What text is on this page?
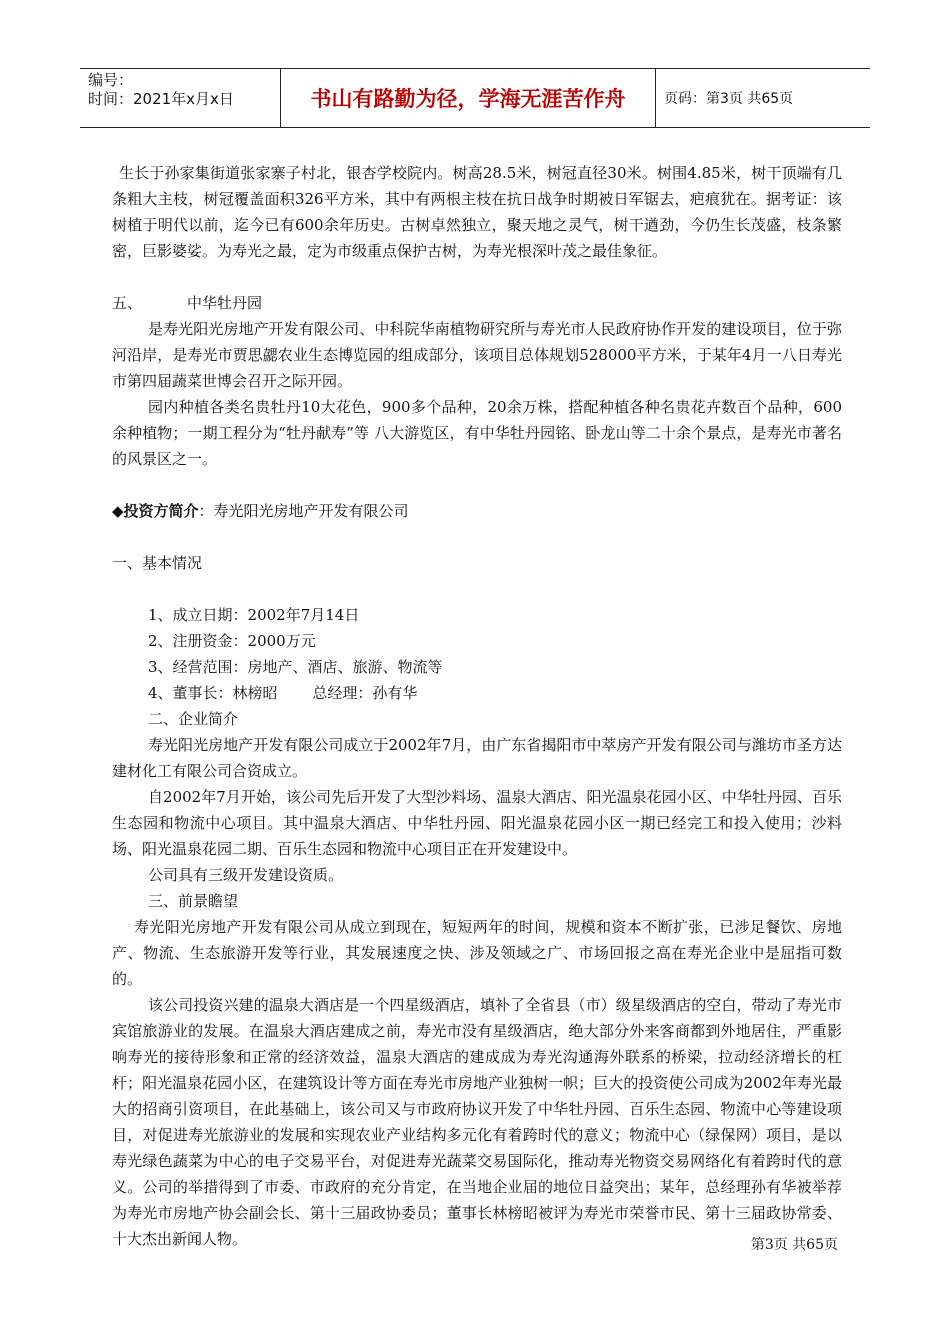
编号：
时间：2021年x月x日	书山有路勤为径，学海无涯苦作舟	页码：第3页 共65页

生长于孙家集街道张家寨子村北，银杏学校院内。树高28.5米，树冠直径30米。树围4.85米，树干顶端有几条粗大主枝，树冠覆盖面积326平方米，其中有两根主枝在抗日战争时期被日军锯去，疤痕犹在。据考证：该树植于明代以前，迄今已有600余年历史。古树卓然独立，聚天地之灵气，树干遒劲，今仍生长茂盛，枝条繁密，巨影婆娑。为寿光之最，定为市级重点保护古树，为寿光根深叶茂之最佳象征。

五、	中华牡丹园

是寿光阳光房地产开发有限公司、中科院华南植物研究所与寿光市人民政府协作开发的建设项目，位于弥河沿岸，是寿光市贾思勰农业生态博览园的组成部分，该项目总体规划528000平方米，于某年4月一八日寿光市第四届蔬菜世博会召开之际开园。

园内种植各类名贵牡丹10大花色，900多个品种，20余万株，搭配种植各种名贵花卉数百个品种，600余种植物；一期工程分为“牡丹献寿”等 八大游览区，有中华牡丹园铭、卧龙山等二十余个景点，是寿光市著名的风景区之一。

◆投资方简介：寿光阳光房地产开发有限公司

一、基本情况

1、成立日期：2002年7月14日

2、注册资金：2000万元

3、经营范围：房地产、酒店、旅游、物流等

4、董事长：林榜昭　　 总经理：孙有华

二、企业简介

寿光阳光房地产开发有限公司成立于2002年7月，由广东省揭阳市中萃房产开发有限公司与潍坊市圣方达建材化工有限公司合资成立。

自2002年7月开始，该公司先后开发了大型沙料场、温泉大酒店、阳光温泉花园小区、中华牡丹园、百乐生态园和物流中心项目。其中温泉大酒店、中华牡丹园、阳光温泉花园小区一期已经完工和投入使用；沙料场、阳光温泉花园二期、百乐生态园和物流中心项目正在开发建设中。

公司具有三级开发建设资质。

三、前景瞻望

寿光阳光房地产开发有限公司从成立到现在，短短两年的时间，规模和资本不断扩张，已涉足餐饮、房地产、物流、生态旅游开发等行业，其发展速度之快、涉及领域之广、市场回报之高在寿光企业中是屈指可数的。

该公司投资兴建的温泉大酒店是一个四星级酒店，填补了全省县（市）级星级酒店的空白，带动了寿光市宾馆旅游业的发展。在温泉大酒店建成之前，寿光市没有星级酒店，绝大部分外来客商都到外地居住，严重影响寿光的接待形象和正常的经济效益，温泉大酒店的建成成为寿光沟通海外联系的桥梁，拉动经济增长的杠杆；阳光温泉花园小区，在建筑设计等方面在寿光市房地产业独树一帜；巨大的投资使公司成为2002年寿光最大的招商引资项目，在此基础上，该公司又与市政府协议开发了中华牡丹园、百乐生态园、物流中心等建设项目，对促进寿光旅游业的发展和实现农业产业结构多元化有着跨时代的意义；物流中心（绿保网）项目，是以寿光绿色蔬菜为中心的电子交易平台，对促进寿光蔬菜交易国际化，推动寿光物资交易网络化有着跨时代的意义。公司的举措得到了市委、市政府的充分肯定，在当地企业届的地位日益突出；某年，总经理孙有华被举荐为寿光市房地产协会副会长、第十三届政协委员；董事长林榜昭被评为寿光市荣誉市民、第十三届政协常委、十大杰出新闻人物。	第3页 共65页
